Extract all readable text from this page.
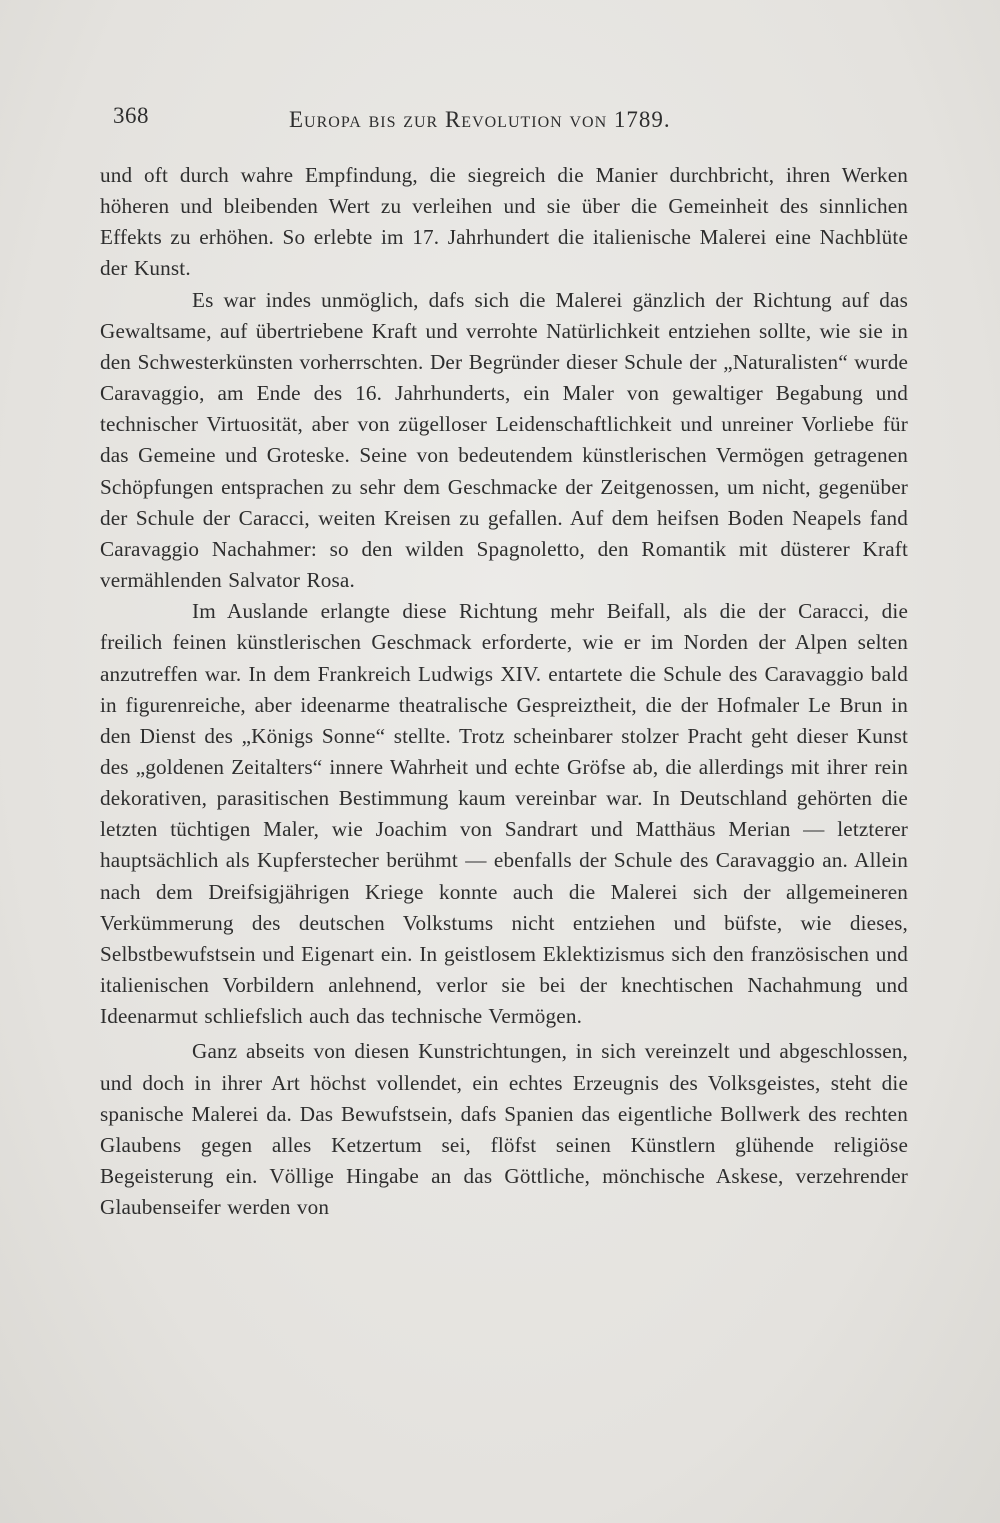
368	Europa bis zur Revolution von 1789.

und oft durch wahre Empfindung, die siegreich die Manier durchbricht, ihren Werken höheren und bleibenden Wert zu verleihen und sie über die Gemeinheit des sinnlichen Effekts zu erhöhen. So erlebte im 17. Jahrhundert die italienische Malerei eine Nachblüte der Kunst.

Es war indes unmöglich, dafs sich die Malerei gänzlich der Richtung auf das Gewaltsame, auf übertriebene Kraft und verrohte Natürlichkeit entziehen sollte, wie sie in den Schwesterkünsten vorherrschten. Der Begründer dieser Schule der „Naturalisten“ wurde Caravaggio, am Ende des 16. Jahrhunderts, ein Maler von gewaltiger Begabung und technischer Virtuosität, aber von zügelloser Leidenschaftlichkeit und unreiner Vorliebe für das Gemeine und Groteske. Seine von bedeutendem künstlerischen Vermögen getragenen Schöpfungen entsprachen zu sehr dem Geschmacke der Zeitgenossen, um nicht, gegenüber der Schule der Caracci, weiten Kreisen zu gefallen. Auf dem heifsen Boden Neapels fand Caravaggio Nachahmer: so den wilden Spagnoletto, den Romantik mit düsterer Kraft vermählenden Salvator Rosa.

Im Auslande erlangte diese Richtung mehr Beifall, als die der Caracci, die freilich feinen künstlerischen Geschmack erforderte, wie er im Norden der Alpen selten anzutreffen war. In dem Frankreich Ludwigs XIV. entartete die Schule des Caravaggio bald in figurenreiche, aber ideenarme theatralische Gespreiztheit, die der Hofmaler Le Brun in den Dienst des „Königs Sonne“ stellte. Trotz scheinbarer stolzer Pracht geht dieser Kunst des „goldenen Zeitalters“ innere Wahrheit und echte Gröfse ab, die allerdings mit ihrer rein dekorativen, parasitischen Bestimmung kaum vereinbar war. In Deutschland gehörten die letzten tüchtigen Maler, wie Joachim von Sandrart und Matthäus Merian — letzterer hauptsächlich als Kupferstecher berühmt — ebenfalls der Schule des Caravaggio an. Allein nach dem Dreifsigjährigen Kriege konnte auch die Malerei sich der allgemeineren Verkümmerung des deutschen Volkstums nicht entziehen und büfste, wie dieses, Selbstbewufstsein und Eigenart ein. In geistlosem Eklektizismus sich den französischen und italienischen Vorbildern anlehnend, verlor sie bei der knechtischen Nachahmung und Ideenarmut schliefslich auch das technische Vermögen.

Ganz abseits von diesen Kunstrichtungen, in sich vereinzelt und abgeschlossen, und doch in ihrer Art höchst vollendet, ein echtes Erzeugnis des Volksgeistes, steht die spanische Malerei da. Das Bewufstsein, dafs Spanien das eigentliche Bollwerk des rechten Glaubens gegen alles Ketzertum sei, flöfst seinen Künstlern glühende religiöse Begeisterung ein. Völlige Hingabe an das Göttliche, mönchische Askese, verzehrender Glaubenseifer werden von
